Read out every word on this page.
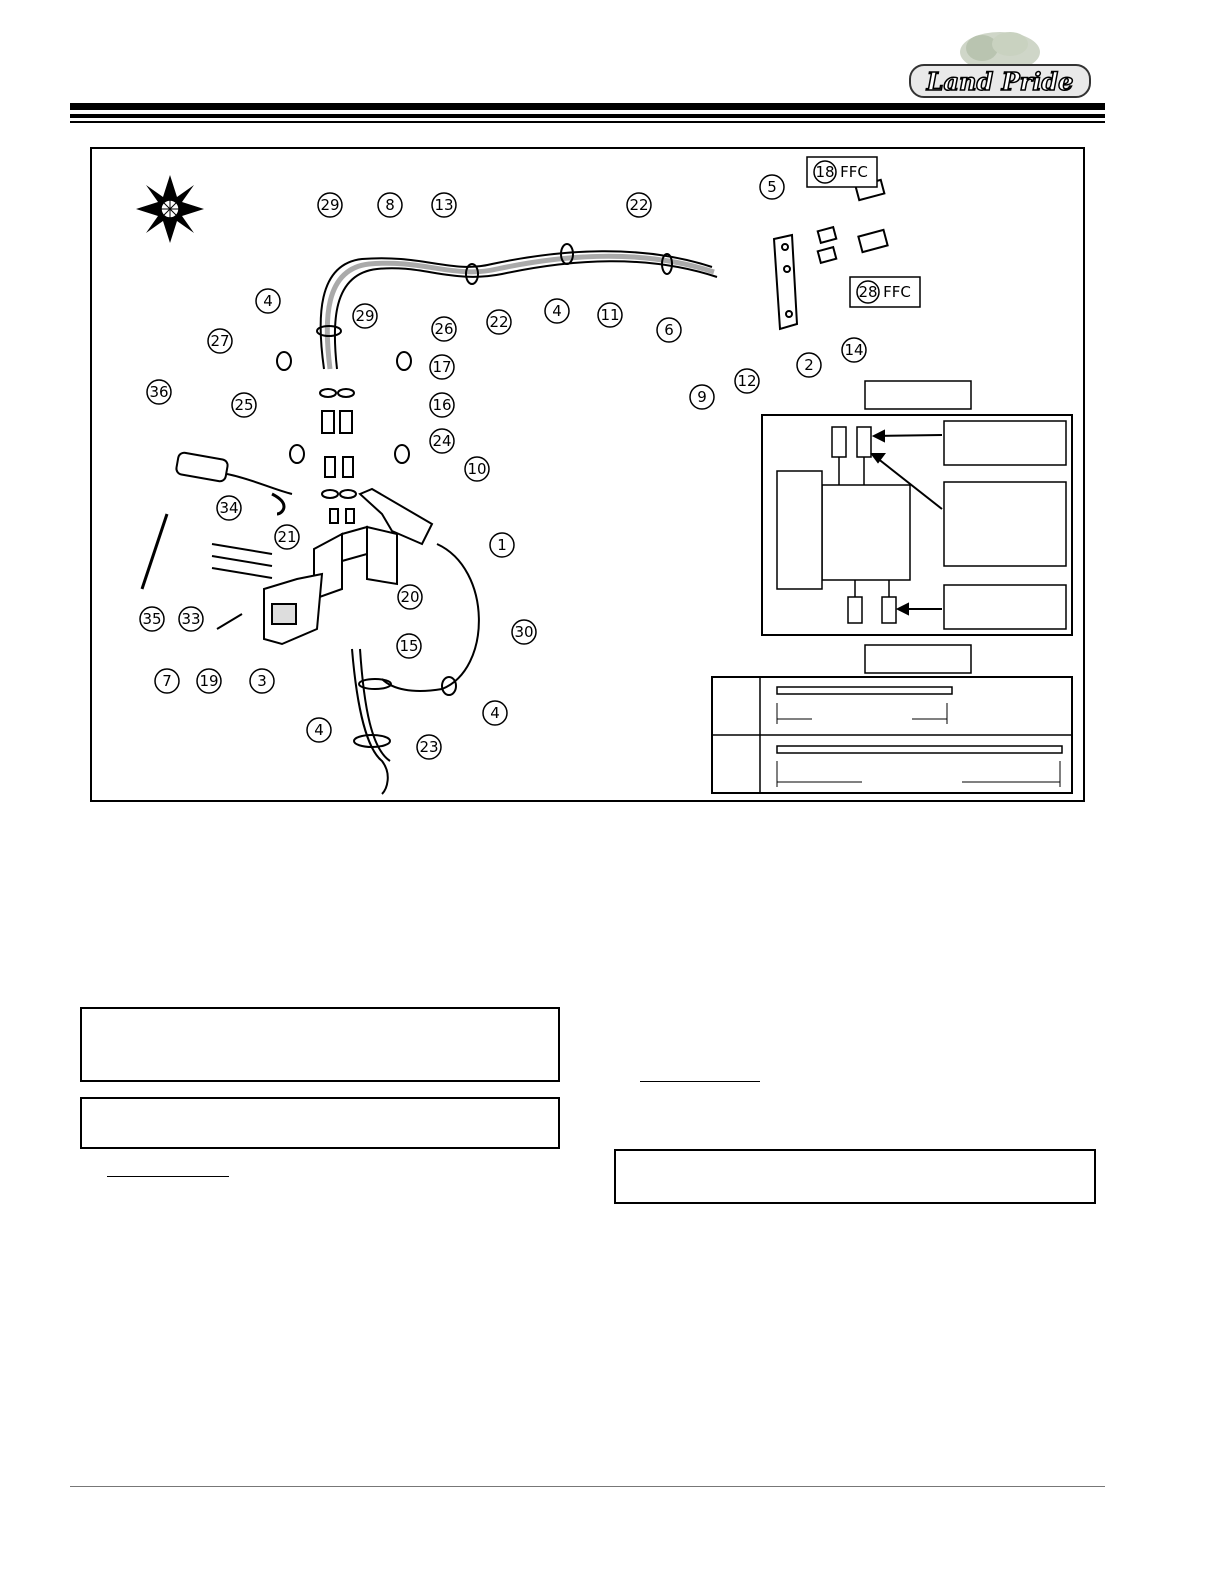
Land Pride
29	8	13	22
5
4
29	22
4	11
6
2
14
12
9
27
26
36
17
25	16
24
10
34
21	1
20
15
35 33
30
7 19	3
4
4
23
18 FFC
28 FFC
